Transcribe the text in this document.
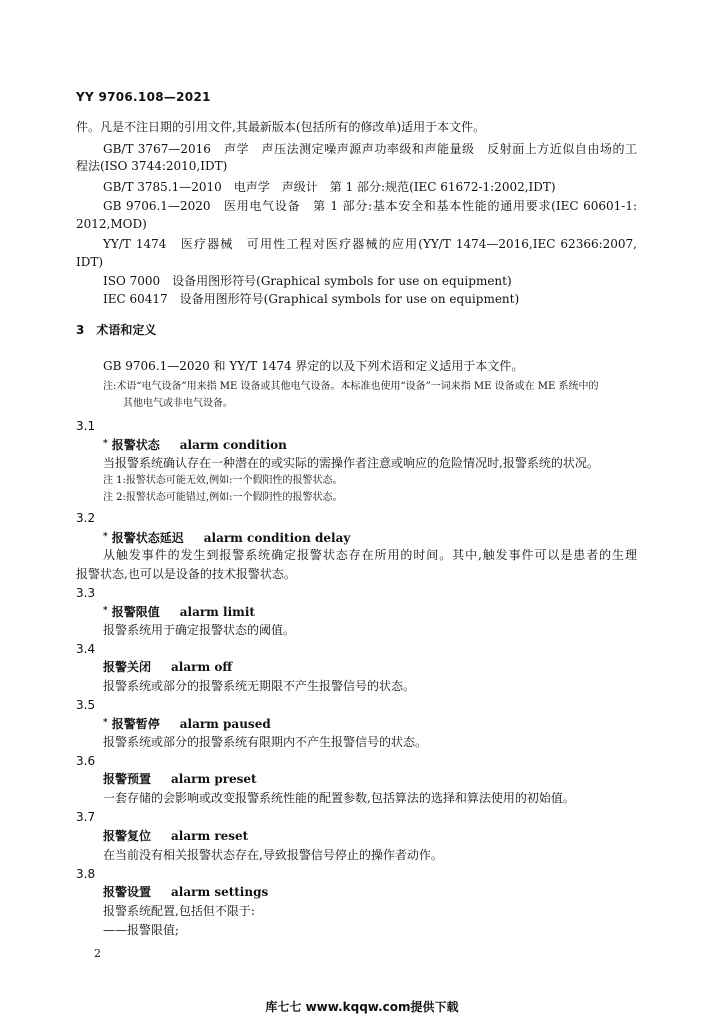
YY 9706.108—2021
件。凡是不注日期的引用文件,其最新版本(包括所有的修改单)适用于本文件。
GB/T 3767—2016　声学　声压法测定噪声源声功率级和声能量级　反射面上方近似自由场的工
程法(ISO 3744:2010,IDT)
GB/T 3785.1—2010　电声学　声级计　第 1 部分:规范(IEC 61672-1:2002,IDT)
GB 9706.1—2020　医用电气设备　第 1 部分:基本安全和基本性能的通用要求(IEC 60601-1:
2012,MOD)
YY/T 1474　医疗器械　可用性工程对医疗器械的应用(YY/T 1474—2016,IEC 62366:2007,
IDT)
ISO 7000　设备用图形符号(Graphical symbols for use on equipment)
IEC 60417　设备用图形符号(Graphical symbols for use on equipment)
3　术语和定义
GB 9706.1—2020 和 YY/T 1474 界定的以及下列术语和定义适用于本文件。
注:术语“电气设备”用来指 ME 设备或其他电气设备。本标准也使用“设备”一词来指 ME 设备或在 ME 系统中的
其他电气或非电气设备。
3.1
* 报警状态 alarm condition
当报警系统确认存在一种潜在的或实际的需操作者注意或响应的危险情况时,报警系统的状况。
注 1:报警状态可能无效,例如:一个假阳性的报警状态。
注 2:报警状态可能错过,例如:一个假阴性的报警状态。
3.2
* 报警状态延迟 alarm condition delay
从触发事件的发生到报警系统确定报警状态存在所用的时间。其中,触发事件可以是患者的生理
报警状态,也可以是设备的技术报警状态。
3.3
* 报警限值 alarm limit
报警系统用于确定报警状态的阈值。
3.4
报警关闭 alarm off
报警系统或部分的报警系统无期限不产生报警信号的状态。
3.5
* 报警暂停 alarm paused
报警系统或部分的报警系统有限期内不产生报警信号的状态。
3.6
报警预置 alarm preset
一套存储的会影响或改变报警系统性能的配置参数,包括算法的选择和算法使用的初始值。
3.7
报警复位 alarm reset
在当前没有相关报警状态存在,导致报警信号停止的操作者动作。
3.8
报警设置 alarm settings
报警系统配置,包括但不限于:
——报警限值;
2
库七七 www.kqqw.com提供下载
